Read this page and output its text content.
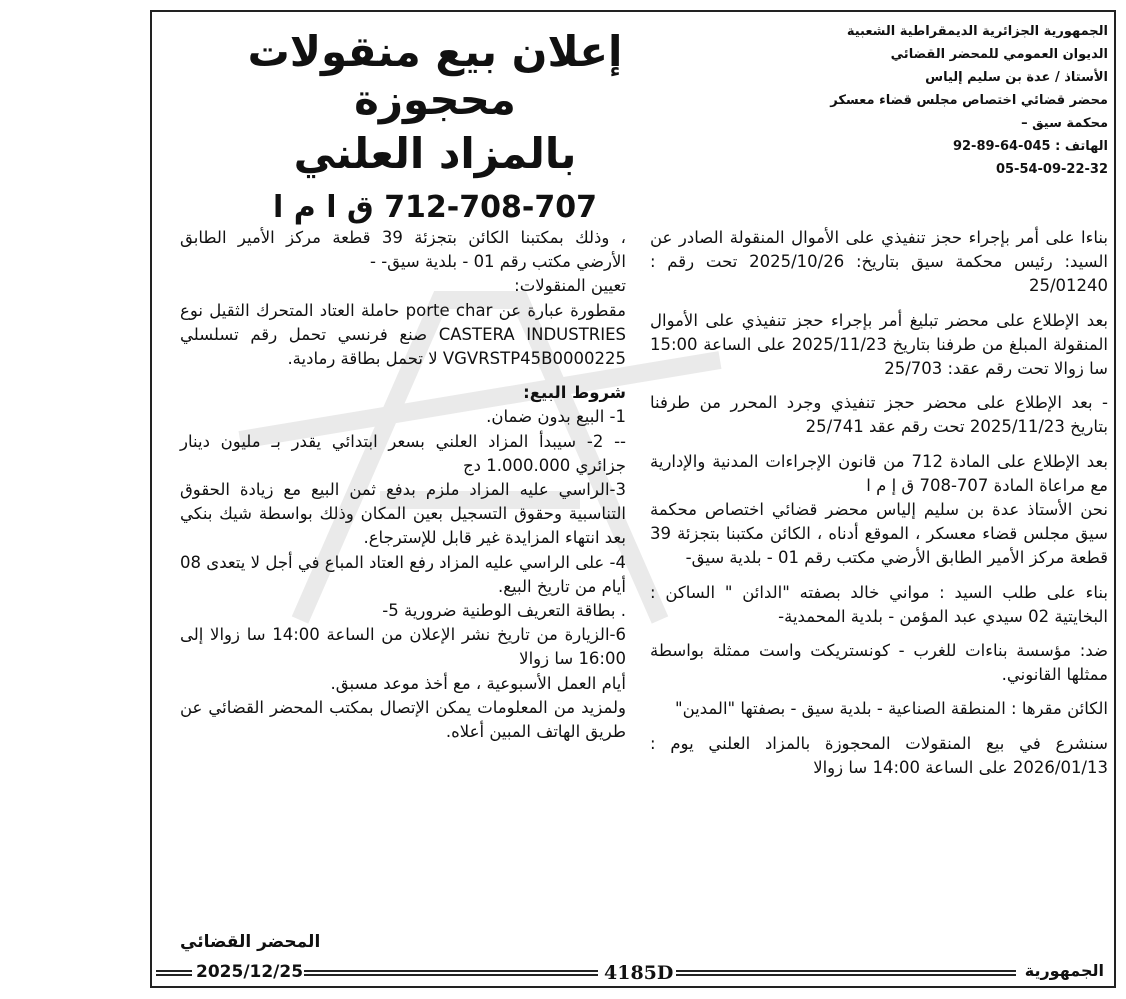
إعلان بيع منقولات محجوزة
بالمزاد العلني
712-708-707 ق ا م ا
الجمهورية الجزائرية الديمقراطية الشعبية
الديوان العمومي للمحضر القضائي
الأستاذ / عدة بن سليم إلياس
محضر قضائي اختصاص مجلس قضاء معسكر
محكمة سيق –
الهاتف : 045-64-89-92
05-54-09-22-32

بناءا على أمر بإجراء حجز تنفيذي على الأموال المنقولة الصادر عن السيد: رئيس محكمة سيق بتاريخ: 2025/10/26 تحت رقم : 25/01240

بعد الإطلاع على محضر تبليغ أمر بإجراء حجز تنفيذي على الأموال المنقولة المبلغ من طرفنا بتاريخ 2025/11/23 على الساعة 15:00 سا زوالا تحت رقم عقد: 25/703

- بعد الإطلاع على محضر حجز تنفيذي وجرد المحرر من طرفنا بتاريخ 2025/11/23 تحت رقم عقد 25/741

بعد الإطلاع على المادة 712 من قانون الإجراءات المدنية والإدارية مع مراعاة المادة 707-708 ق إ م ا

نحن الأستاذ عدة بن سليم إلياس محضر قضائي اختصاص محكمة سيق مجلس قضاء معسكر ، الموقع أدناه ، الكائن مكتبنا بتجزئة 39 قطعة مركز الأمير الطابق الأرضي مكتب رقم 01 - بلدية سيق-

بناء على طلب السيد : مواني خالد بصفته "الدائن " الساكن : البخايتية 02 سيدي عبد المؤمن - بلدية المحمدية-

ضد: مؤسسة بناءات للغرب - كونستريكت واست ممثلة بواسطة ممثلها القانوني.

الكائن مقرها : المنطقة الصناعية - بلدية سيق - بصفتها "المدين"

سنشرع في بيع المنقولات المحجوزة بالمزاد العلني يوم : 2026/01/13 على الساعة 14:00 سا زوالا

، وذلك بمكتبنا الكائن بتجزئة 39 قطعة مركز الأمير الطابق الأرضي مكتب رقم 01 - بلدية سيق- -

تعيين المنقولات:

مقطورة عبارة عن porte char حاملة العتاد المتحرك الثقيل نوع CASTERA INDUSTRIES صنع فرنسي تحمل رقم تسلسلي VGVRSTP45B0000225 لا تحمل بطاقة رمادية.

شروط البيع:

1- البيع بدون ضمان.

-- 2- سيبدأ المزاد العلني بسعر ابتدائي يقدر بـ مليون دينار جزائري 1.000.000 دج

3-الراسي عليه المزاد ملزم بدفع ثمن البيع مع زيادة الحقوق التناسبية وحقوق التسجيل بعين المكان وذلك بواسطة شيك بنكي بعد انتهاء المزايدة غير قابل للإسترجاع.

4- على الراسي عليه المزاد رفع العتاد المباع في أجل لا يتعدى 08 أيام من تاريخ البيع.

. بطاقة التعريف الوطنية ضرورية 5-

6-الزيارة من تاريخ نشر الإعلان من الساعة 14:00 سا زوالا إلى 16:00 سا زوالا

أيام العمل الأسبوعية ، مع أخذ موعد مسبق.

ولمزيد من المعلومات يمكن الإتصال بمكتب المحضر القضائي عن طريق الهاتف المبين أعلاه.

المحضر القضائي
2025/12/25	4185D	الجمهورية
